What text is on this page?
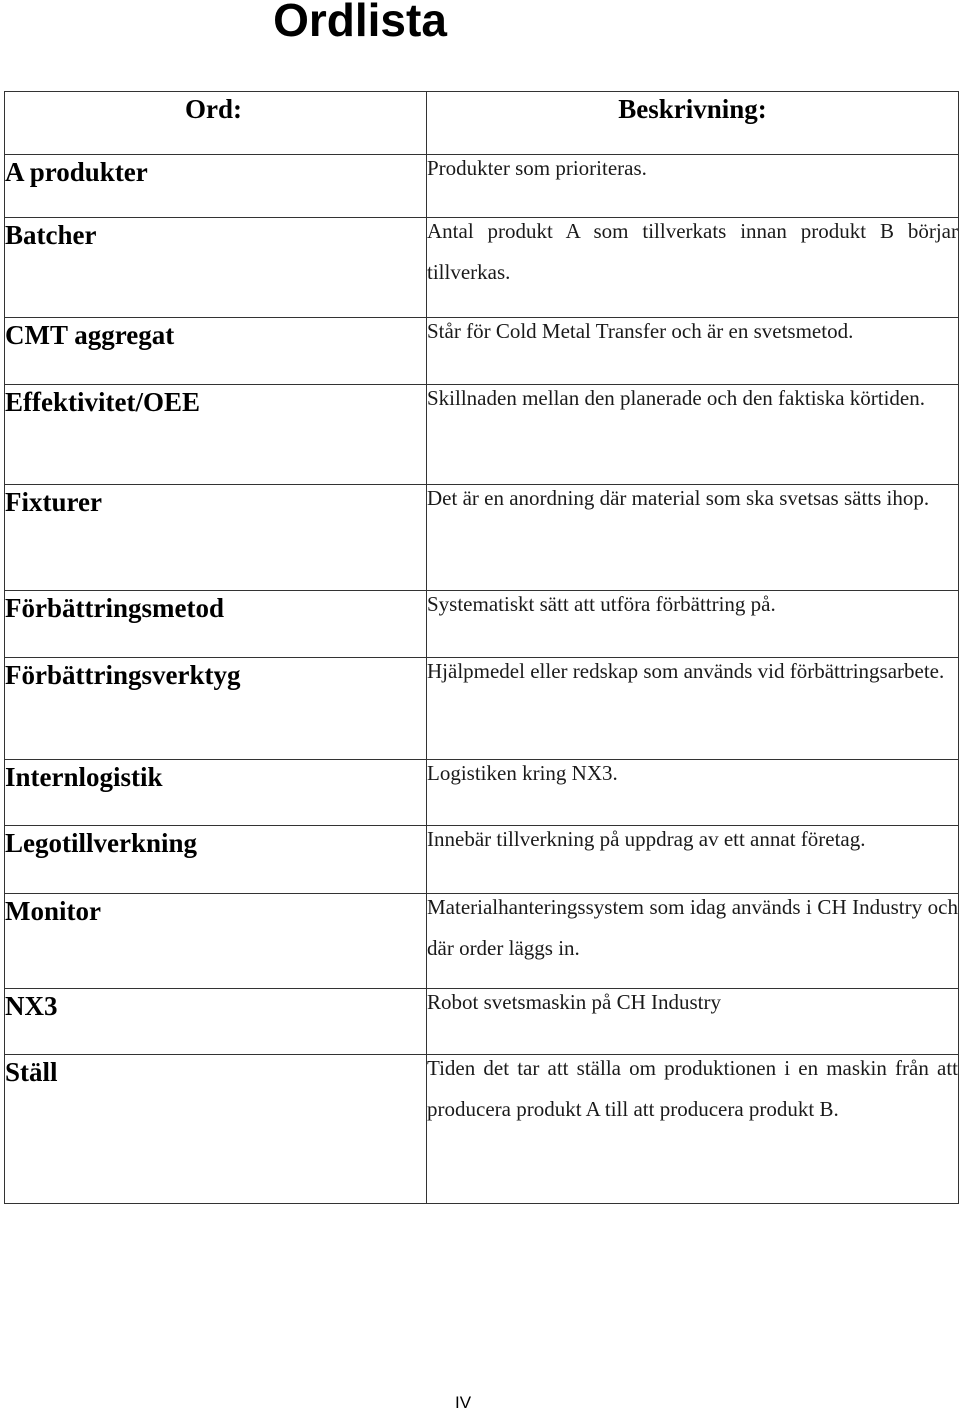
Ordlista
Ord:	Beskrivning:

A produkter	Produkter som prioriteras.

Batcher	Antal produkt A som tillverkats innan produkt B börjar tillverkas.

CMT aggregat	Står för Cold Metal Transfer och är en svetsmetod.

Effektivitet/OEE	Skillnaden mellan den planerade och den faktiska körtiden.

Fixturer	Det är en anordning där material som ska svetsas sätts ihop.

Förbättringsmetod	Systematiskt sätt att utföra förbättring på.

Förbättringsverktyg	Hjälpmedel eller redskap som används vid förbättringsarbete.

Internlogistik	Logistiken kring NX3.

Legotillverkning	Innebär tillverkning på uppdrag av ett annat företag.

Monitor	Materialhanteringssystem som idag används i CH Industry och där order läggs in.

NX3	Robot svetsmaskin på CH Industry

Ställ	Tiden det tar att ställa om produktionen i en maskin från att producera produkt A till att producera produkt B.
IV
